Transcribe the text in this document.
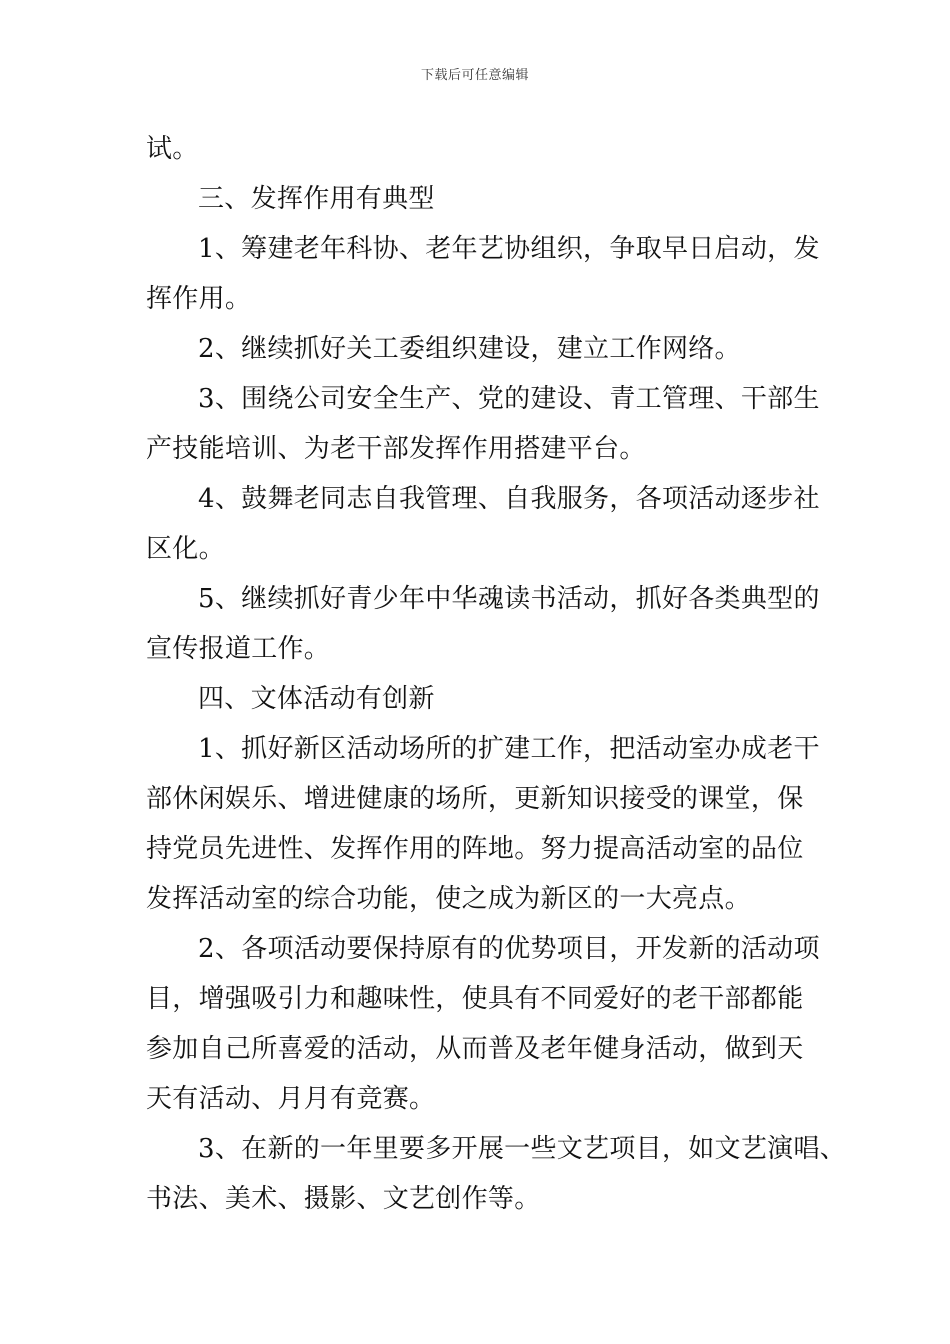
下载后可任意编辑
试。
三、发挥作用有典型
1、筹建老年科协、老年艺协组织，争取早日启动，发
挥作用。
2、继续抓好关工委组织建设，建立工作网络。
3、围绕公司安全生产、党的建设、青工管理、干部生
产技能培训、为老干部发挥作用搭建平台。
4、鼓舞老同志自我管理、自我服务，各项活动逐步社
区化。
5、继续抓好青少年中华魂读书活动，抓好各类典型的
宣传报道工作。
四、文体活动有创新
1、抓好新区活动场所的扩建工作，把活动室办成老干
部休闲娱乐、增进健康的场所，更新知识接受的课堂，保
持党员先进性、发挥作用的阵地。努力提高活动室的品位
发挥活动室的综合功能，使之成为新区的一大亮点。
2、各项活动要保持原有的优势项目，开发新的活动项
目，增强吸引力和趣味性，使具有不同爱好的老干部都能
参加自己所喜爱的活动，从而普及老年健身活动，做到天
天有活动、月月有竞赛。
3、在新的一年里要多开展一些文艺项目，如文艺演唱、
书法、美术、摄影、文艺创作等。
